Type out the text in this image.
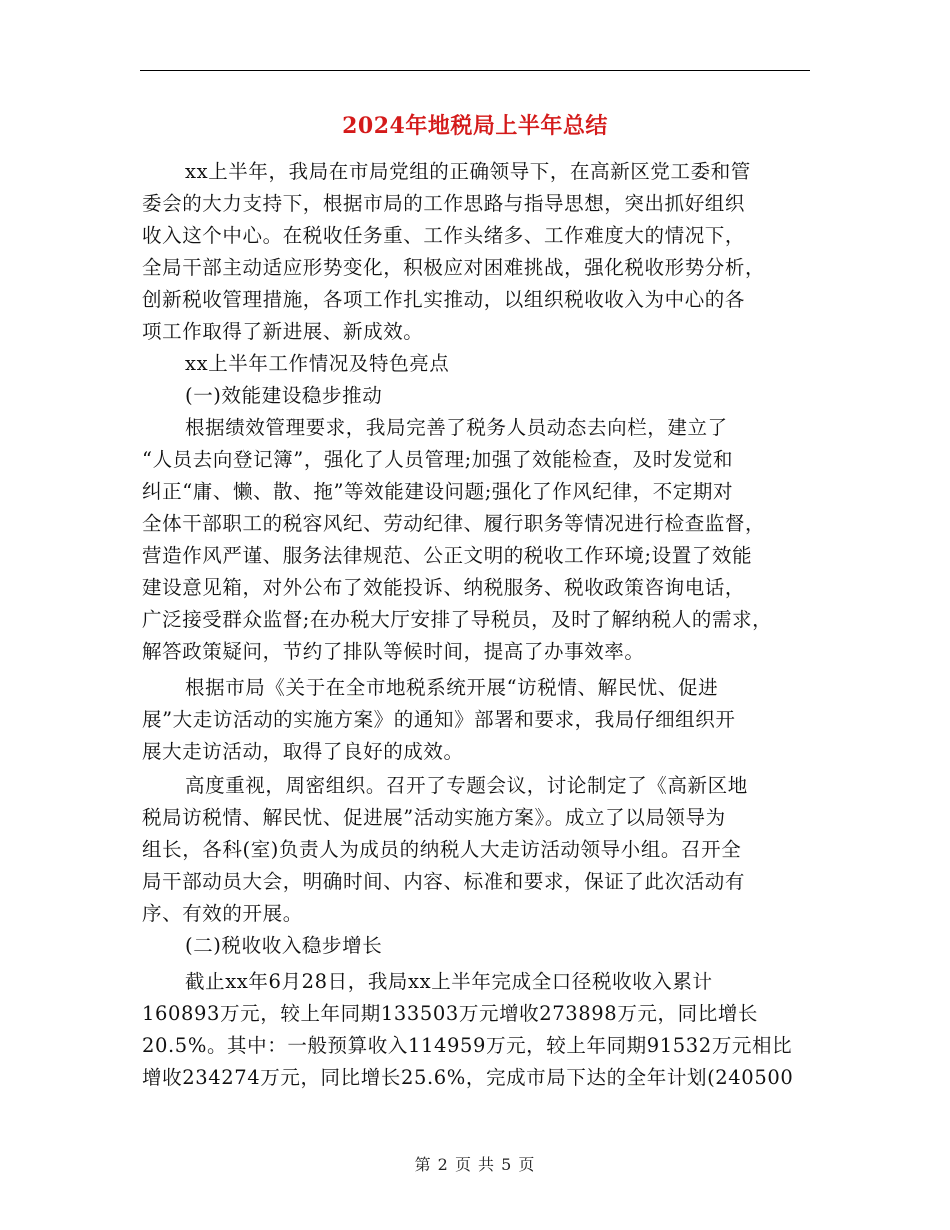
2024年地税局上半年总结
xx上半年，我局在市局党组的正确领导下，在高新区党工委和管
委会的大力支持下，根据市局的工作思路与指导思想，突出抓好组织
收入这个中心。在税收任务重、工作头绪多、工作难度大的情况下，
全局干部主动适应形势变化，积极应对困难挑战，强化税收形势分析，
创新税收管理措施，各项工作扎实推动，以组织税收收入为中心的各
项工作取得了新进展、新成效。
xx上半年工作情况及特色亮点
(一)效能建设稳步推动
根据绩效管理要求，我局完善了税务人员动态去向栏，建立了
“人员去向登记簿”，强化了人员管理;加强了效能检查，及时发觉和
纠正“庸、懒、散、拖”等效能建设问题;强化了作风纪律，不定期对
全体干部职工的税容风纪、劳动纪律、履行职务等情况进行检查监督，
营造作风严谨、服务法律规范、公正文明的税收工作环境;设置了效能
建设意见箱，对外公布了效能投诉、纳税服务、税收政策咨询电话，
广泛接受群众监督;在办税大厅安排了导税员，及时了解纳税人的需求，
解答政策疑问，节约了排队等候时间，提高了办事效率。
根据市局《关于在全市地税系统开展“访税情、解民忧、促进
展”大走访活动的实施方案》的通知》部署和要求，我局仔细组织开
展大走访活动，取得了良好的成效。
高度重视，周密组织。召开了专题会议，讨论制定了《高新区地
税局访税情、解民忧、促进展”活动实施方案》。成立了以局领导为
组长，各科(室)负责人为成员的纳税人大走访活动领导小组。召开全
局干部动员大会，明确时间、内容、标准和要求，保证了此次活动有
序、有效的开展。
(二)税收收入稳步增长
截止xx年6月28日，我局xx上半年完成全口径税收收入累计
160893万元，较上年同期133503万元增收273898万元，同比增长
20.5%。其中：一般预算收入114959万元，较上年同期91532万元相比
增收234274万元，同比增长25.6%，完成市局下达的全年计划(240500
第 2 页 共 5 页
